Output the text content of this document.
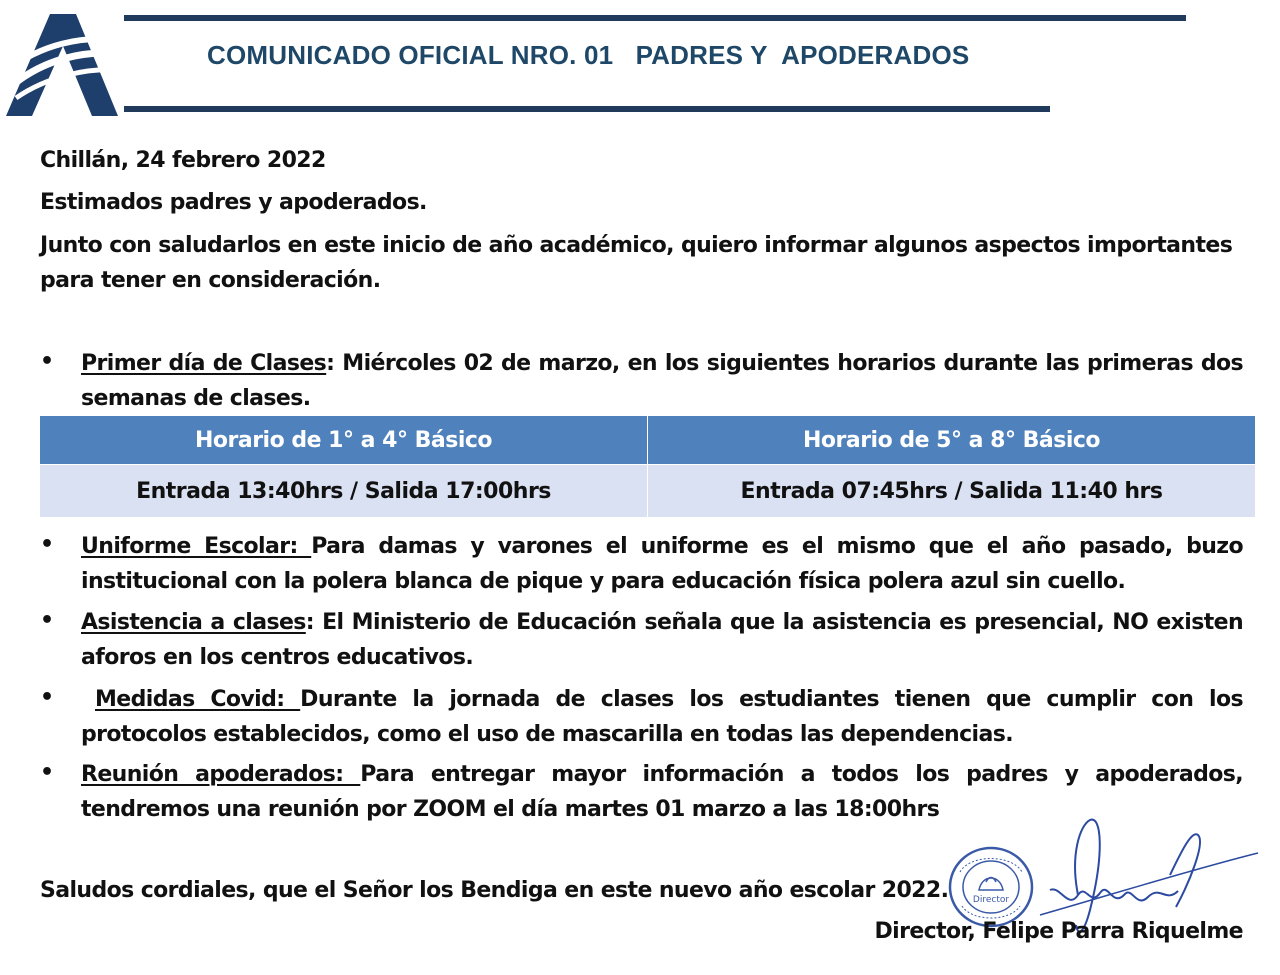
COMUNICADO OFICIAL NRO. 01   PADRES Y  APODERADOS
Chillán, 24 febrero 2022
Estimados padres y apoderados.
Junto con saludarlos en este inicio de año académico, quiero informar algunos aspectos importantes para tener en consideración.
• Primer día de Clases: Miércoles 02 de marzo, en los siguientes horarios durante las primeras dos semanas de clases.
Horario de 1° a 4° Básico	Horario de 5° a 8° Básico
Entrada 13:40hrs / Salida 17:00hrs	Entrada 07:45hrs / Salida 11:40 hrs
• Uniforme Escolar: Para damas y varones el uniforme es el mismo que el año pasado, buzo institucional con la polera blanca de pique y para educación física polera azul sin cuello.
• Asistencia a clases: El Ministerio de Educación señala que la asistencia es presencial, NO existen aforos en los centros educativos.
•	Medidas Covid: Durante la jornada de clases los estudiantes tienen que cumplir con los protocolos establecidos, como el uso de mascarilla en todas las dependencias.
• Reunión apoderados: Para entregar mayor información a todos los padres y apoderados, tendremos una reunión por ZOOM el día martes 01 marzo a las 18:00hrs
Saludos cordiales, que el Señor los Bendiga en este nuevo año escolar 2022.	Director
Director, Felipe Parra Riquelme
